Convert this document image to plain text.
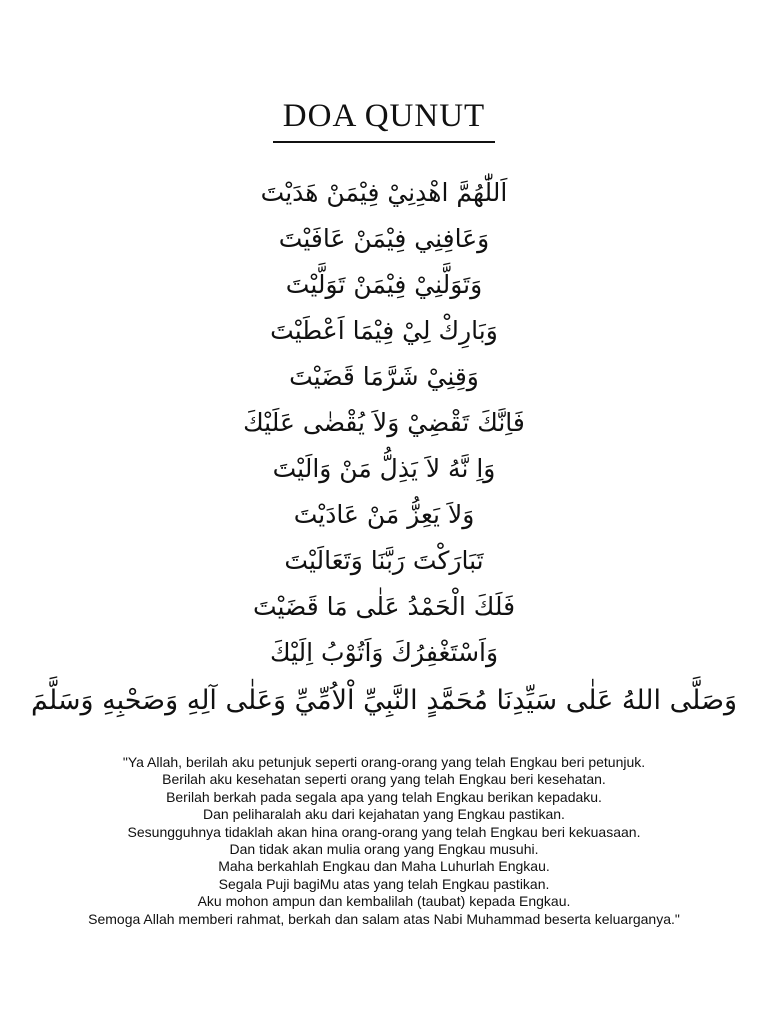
DOA QUNUT
اَللّٰهُمَّ اهْدِنِيْ فِيْمَنْ هَدَيْتَ
وَعَافِنِي فِيْمَنْ عَافَيْتَ
وَتَوَلَّنِيْ فِيْمَنْ تَوَلَّيْتَ
وَبَارِكْ لِيْ فِيْمَا اَعْطَيْتَ
وَقِنِيْ شَرَّمَا قَضَيْتَ
فَاِنَّكَ تَقْضِيْ وَلاَ يُقْضٰى عَلَيْكَ
وَاِ نَّهُ لاَ يَذِلُّ مَنْ وَالَيْتَ
وَلاَ يَعِزُّ مَنْ عَادَيْتَ
تَبَارَكْتَ رَبَّنَا وَتَعَالَيْتَ
فَلَكَ الْحَمْدُ عَلٰى مَا قَضَيْتَ
وَاَسْتَغْفِرُكَ وَاَتُوْبُ اِلَيْكَ
وَصَلَّى اللهُ عَلٰى سَيِّدِنَا مُحَمَّدٍ النَّبِيِّ اْلاُمِّيِّ وَعَلٰى آلِهِ وَصَحْبِهِ وَسَلَّمَ
"Ya Allah, berilah aku petunjuk seperti orang-orang yang telah Engkau beri petunjuk.
Berilah aku kesehatan seperti orang yang telah Engkau beri kesehatan.
Berilah berkah pada segala apa yang telah Engkau berikan kepadaku.
Dan peliharalah aku dari kejahatan yang Engkau pastikan.
Sesungguhnya tidaklah akan hina orang-orang yang telah Engkau beri kekuasaan.
Dan tidak akan mulia orang yang Engkau musuhi.
Maha berkahlah Engkau dan Maha Luhurlah Engkau.
Segala Puji bagiMu atas yang telah Engkau pastikan.
Aku mohon ampun dan kembalilah (taubat) kepada Engkau.
Semoga Allah memberi rahmat, berkah dan salam atas Nabi Muhammad beserta keluarganya."
